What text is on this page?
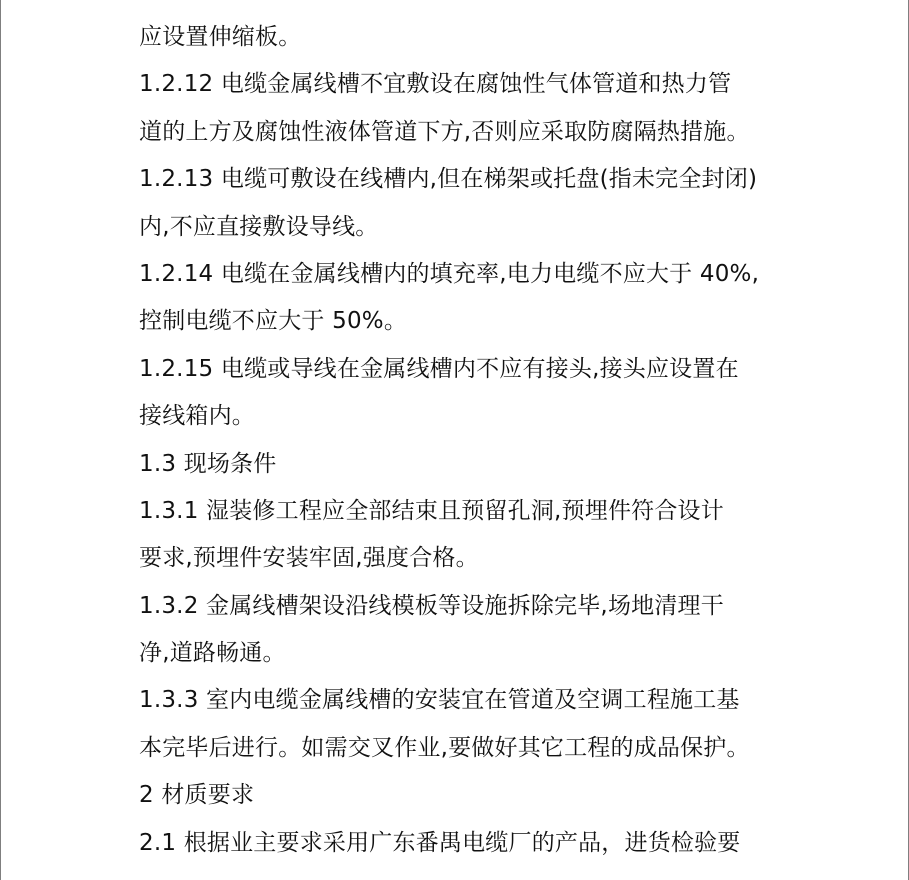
应设置伸缩板。

1.2.12 电缆金属线槽不宜敷设在腐蚀性气体管道和热力管

道的上方及腐蚀性液体管道下方,否则应采取防腐隔热措施。

1.2.13 电缆可敷设在线槽内,但在梯架或托盘(指未完全封闭)

内,不应直接敷设导线。

1.2.14 电缆在金属线槽内的填充率,电力电缆不应大于 40%,

控制电缆不应大于 50%。

1.2.15 电缆或导线在金属线槽内不应有接头,接头应设置在

接线箱内。

1.3 现场条件

1.3.1 湿装修工程应全部结束且预留孔洞,预埋件符合设计

要求,预埋件安装牢固,强度合格。

1.3.2 金属线槽架设沿线模板等设施拆除完毕,场地清理干

净,道路畅通。

1.3.3 室内电缆金属线槽的安装宜在管道及空调工程施工基

本完毕后进行。如需交叉作业,要做好其它工程的成品保护。

2 材质要求

2.1 根据业主要求采用广东番禺电缆厂的产品，进货检验要
